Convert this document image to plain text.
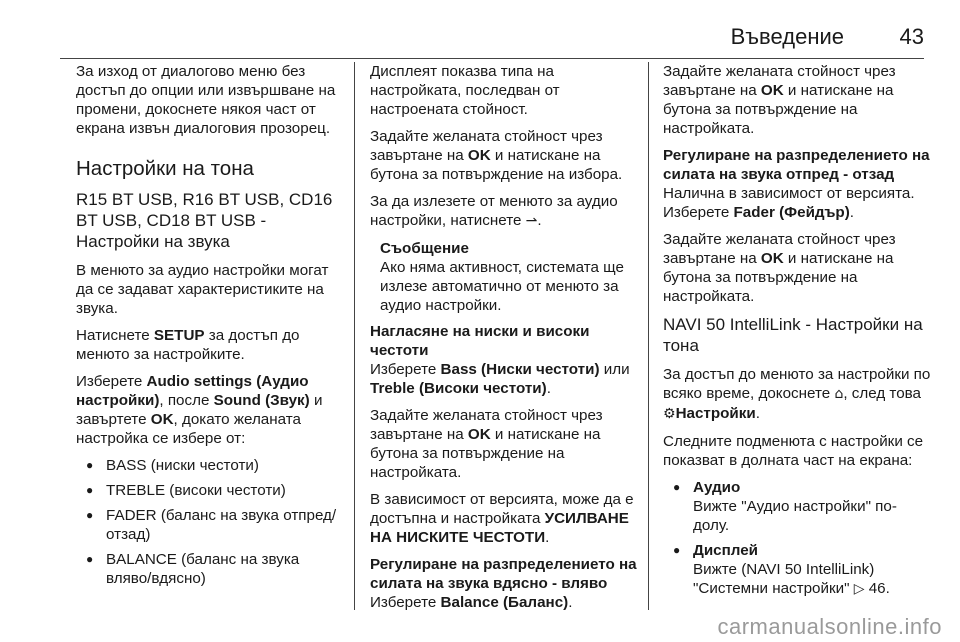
Въведение	43

За изход от диалогово меню без достъп до опции или извършване на промени, докоснете някоя част от екрана извън диалоговия прозорец.

Настройки на тона
R15 BT USB, R16 BT USB, CD16 BT USB, CD18 BT USB - Настройки на звука

В менюто за аудио настройки могат да се задават характеристиките на звука.

Натиснете SETUP за достъп до менюто за настройките.

Изберете Audio settings (Аудио настройки), после Sound (Звук) и завъртете OK, докато желаната настройка се избере от:

● BASS (ниски честоти)
● TREBLE (високи честоти)
● FADER (баланс на звука отпред/отзад)
● BALANCE (баланс на звука вляво/вдясно)

Дисплеят показва типа на настройката, последван от настроената стойност.

Задайте желаната стойност чрез завъртане на OK и натискане на бутона за потвърждение на избора.

За да излезете от менюто за аудио настройки, натиснете ⇀.

Съобщение
Ако няма активност, системата ще излезе автоматично от менюто за аудио настройки.
Нагласяне на ниски и високи честоти

Изберете Bass (Ниски честоти) или Treble (Високи честоти).

Задайте желаната стойност чрез завъртане на OK и натискане на бутона за потвърждение на настройката.

В зависимост от версията, може да е достъпна и настройката УСИЛВАНЕ НА НИСКИТЕ ЧЕСТОТИ.

Регулиране на разпределението на силата на звука вдясно - вляво

Изберете Balance (Баланс).

Задайте желаната стойност чрез завъртане на OK и натискане на бутона за потвърждение на настройката.

Регулиране на разпределението на силата на звука отпред - отзад

Налична в зависимост от версията. Изберете Fader (Фейдър).

Задайте желаната стойност чрез завъртане на OK и натискане на бутона за потвърждение на настройката.

NAVI 50 IntelliLink - Настройки на тона

За достъп до менюто за настройки по всяко време, докоснете ⌂, след това ⚙Настройки.

Следните подменюта с настройки се показват в долната част на екрана:

● Аудио
Вижте "Аудио настройки" по-долу.
● Дисплей
Вижте (NAVI 50 IntelliLink) "Системни настройки" ▷ 46.
carmanualsonline.info
